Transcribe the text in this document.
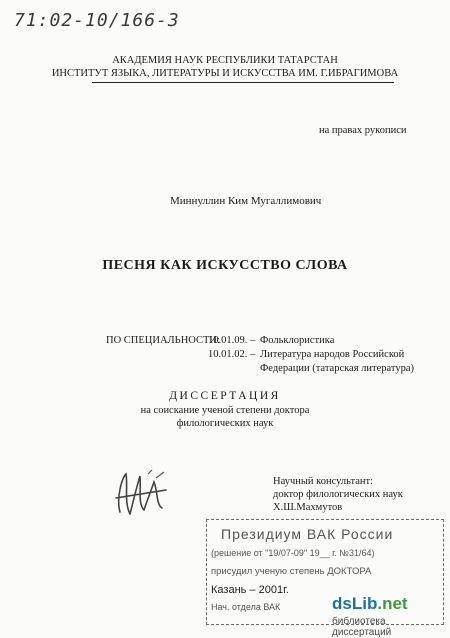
71:02-10/166-3
АКАДЕМИЯ НАУК РЕСПУБЛИКИ ТАТАРСТАН
ИНСТИТУТ ЯЗЫКА, ЛИТЕРАТУРЫ И ИСКУССТВА ИМ. Г.ИБРАГИМОВА
на правах рукописи
Миннуллин Ким Мугаллимович
ПЕСНЯ КАК ИСКУССТВО СЛОВА
ПО СПЕЦИАЛЬНОСТИ:
10.01.09. – Фольклористика
10.01.02. – Литература народов Российской
Федерации (татарская литература)
ДИССЕРТАЦИЯ
на соискание ученой степени доктора
филологических наук
Научный консультант:
доктор филологических наук
Х.Ш.Махмутов
Президиум ВАК России
(решение от "19/07-09" 19__ г. №31/64)
присудил ученую степень ДОКТОРА
Казань – 2001г.
Нач. отдела ВАК	dsLib.net
библиотека диссертаций
